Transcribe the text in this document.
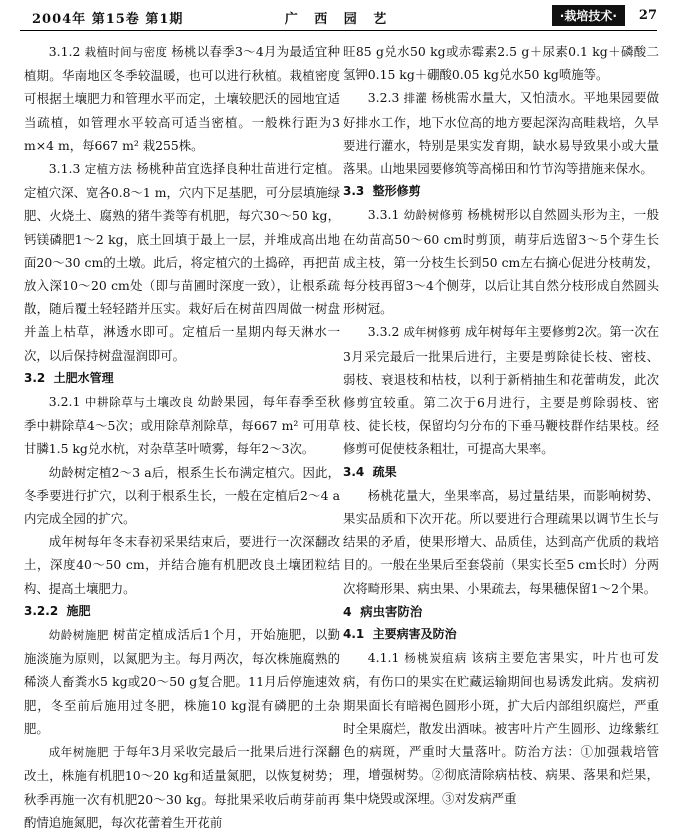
2004年 第15卷 第1期	广 西 园 艺	·栽培技术·	27

3.1.2 栽植时间与密度 杨桃以春季3～4月为最适宜种植期。华南地区冬季较温暖，也可以进行秋植。栽植密度可根据土壤肥力和管理水平而定，土壤较肥沃的园地宜适当疏植，如管理水平较高可适当密植。一般株行距为3 m×4 m，每667 m² 栽255株。

3.1.3 定植方法 杨桃种苗宜选择良种壮苗进行定植。定植穴深、宽各0.8～1 m，穴内下足基肥，可分层填施绿肥、火烧土、腐熟的猪牛粪等有机肥，每穴30～50 kg，钙镁磷肥1～2 kg，底土回填于最上一层，并堆成高出地面20～30 cm的土墩。此后，将定植穴的土捣碎，再把苗放入深10～20 cm处（即与苗圃时深度一致），让根系疏散，随后覆土轻轻踏并压实。栽好后在树苗四周做一树盘并盖上枯草，淋透水即可。定植后一星期内每天淋水一次，以后保持树盘湿润即可。

3.2 土肥水管理

3.2.1 中耕除草与土壤改良 幼龄果园，每年春季至秋季中耕除草4～5次；或用除草剂除草，每667 m² 可用草甘膦1.5 kg兑水杭，对杂草茎叶喷雾，每年2～3次。

幼龄树定植2～3 a后，根系生长布满定植穴。因此，冬季要进行扩穴，以利于根系生长，一般在定植后2～4 a内完成全园的扩穴。

成年树每年冬末春初采果结束后，要进行一次深翻改土，深度40～50 cm，并结合施有机肥改良土壤团粒结构、提高土壤肥力。

3.2.2 施肥

幼龄树施肥 树苗定植成活后1个月，开始施肥，以勤施淡施为原则，以氮肥为主。每月两次，每次株施腐熟的稀淡人畜粪水5 kg或20～50 g复合肥。11月后停施速效肥，冬至前后施用过冬肥，株施10 kg混有磷肥的土杂肥。

成年树施肥 于每年3月采收完最后一批果后进行深翻改土，株施有机肥10～20 kg和适量氮肥，以恢复树势；秋季再施一次有机肥20～30 kg。每批果采收后萌芽前再酌情追施氮肥，每次花蕾着生开花前

旺85 g兑水50 kg或赤霉素2.5 g＋尿素0.1 kg＋磷酸二氢钾0.15 kg＋硼酸0.05 kg兑水50 kg喷施等。

3.2.3 排灌 杨桃需水量大，又怕渍水。平地果园要做好排水工作，地下水位高的地方要起深沟高畦栽培，久旱要进行灌水，特别是果实发育期，缺水易导致果小或大量落果。山地果园要修筑等高梯田和竹节沟等措施来保水。

3.3 整形修剪

3.3.1 幼龄树修剪 杨桃树形以自然圆头形为主，一般在幼苗高50～60 cm时剪顶，萌芽后选留3～5个芽生长成主枝，第一分枝生长到50 cm左右摘心促进分枝萌发，每分枝再留3～4个侧芽，以后让其自然分枝形成自然圆头形树冠。

3.3.2 成年树修剪 成年树每年主要修剪2次。第一次在3月采完最后一批果后进行，主要是剪除徒长枝、密枝、弱枝、衰退枝和枯枝，以利于新梢抽生和花蕾萌发，此次修剪宜较重。第二次于6月进行，主要是剪除弱枝、密枝、徒长枝，保留均匀分布的下垂马鞭枝群作结果枝。经修剪可促使枝条粗壮，可提高大果率。

3.4 疏果

杨桃花量大，坐果率高，易过量结果，而影响树势、果实品质和下次开花。所以要进行合理疏果以调节生长与结果的矛盾，使果形增大、品质佳，达到高产优质的栽培目的。一般在坐果后至套袋前（果实长至5 cm长时）分两次将畸形果、病虫果、小果疏去，每果穗保留1～2个果。

4 病虫害防治
4.1 主要病害及防治

4.1.1 杨桃炭疽病 该病主要危害果实，叶片也可发病，有伤口的果实在贮藏运输期间也易诱发此病。发病初期果面长有暗褐色圆形小斑，扩大后内部组织腐烂，严重时全果腐烂，散发出酒味。被害叶片产生圆形、边缘紫红色的病斑，严重时大量落叶。防治方法：①加强栽培管理，增强树势。②彻底清除病枯枝、病果、落果和烂果，集中烧毁或深埋。③对发病严重
